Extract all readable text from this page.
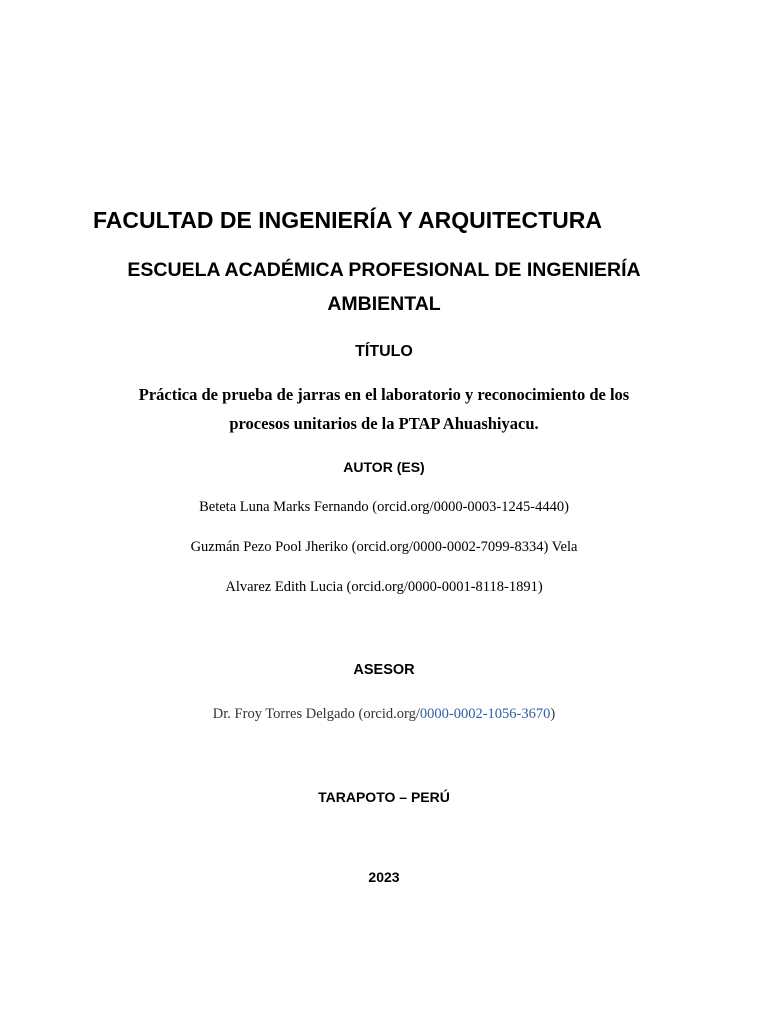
FACULTAD DE INGENIERÍA Y ARQUITECTURA
ESCUELA ACADÉMICA PROFESIONAL DE INGENIERÍA
AMBIENTAL
TÍTULO
Práctica de prueba de jarras en el laboratorio y reconocimiento de los
procesos unitarios de la PTAP Ahuashiyacu.
AUTOR (ES)
Beteta Luna Marks Fernando (orcid.org/0000-0003-1245-4440)
Guzmán Pezo Pool Jheriko (orcid.org/0000-0002-7099-8334) Vela
Alvarez Edith Lucia (orcid.org/0000-0001-8118-1891)
ASESOR
Dr. Froy Torres Delgado (orcid.org/0000-0002-1056-3670)
TARAPOTO – PERÚ
2023
